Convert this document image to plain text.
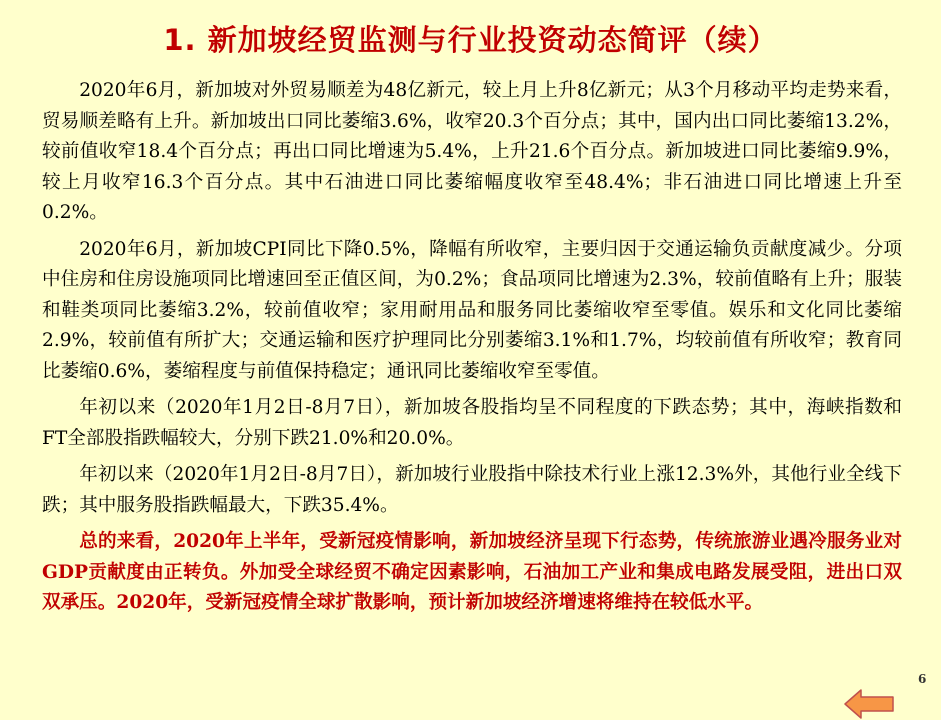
1. 新加坡经贸监测与行业投资动态简评（续）

2020年6月，新加坡对外贸易顺差为48亿新元，较上月上升8亿新元；从3个月移动平均走势来看，贸易顺差略有上升。新加坡出口同比萎缩3.6%，收窄20.3个百分点；其中，国内出口同比萎缩13.2%，较前值收窄18.4个百分点；再出口同比增速为5.4%，上升21.6个百分点。新加坡进口同比萎缩9.9%，较上月收窄16.3个百分点。其中石油进口同比萎缩幅度收窄至48.4%；非石油进口同比增速上升至0.2%。

2020年6月，新加坡CPI同比下降0.5%，降幅有所收窄，主要归因于交通运输负贡献度减少。分项中住房和住房设施项同比增速回至正值区间，为0.2%；食品项同比增速为2.3%，较前值略有上升；服装和鞋类项同比萎缩3.2%，较前值收窄；家用耐用品和服务同比萎缩收窄至零值。娱乐和文化同比萎缩2.9%，较前值有所扩大；交通运输和医疗护理同比分别萎缩3.1%和1.7%，均较前值有所收窄；教育同比萎缩0.6%，萎缩程度与前值保持稳定；通讯同比萎缩收窄至零值。

年初以来（2020年1月2日-8月7日），新加坡各股指均呈不同程度的下跌态势；其中，海峡指数和FT全部股指跌幅较大，分别下跌21.0%和20.0%。

年初以来（2020年1月2日-8月7日），新加坡行业股指中除技术行业上涨12.3%外，其他行业全线下跌；其中服务股指跌幅最大，下跌35.4%。

总的来看，2020年上半年，受新冠疫情影响，新加坡经济呈现下行态势，传统旅游业遇冷服务业对GDP贡献度由正转负。外加受全球经贸不确定因素影响，石油加工产业和集成电路发展受阻，进出口双双承压。2020年，受新冠疫情全球扩散影响，预计新加坡经济增速将维持在较低水平。

6
